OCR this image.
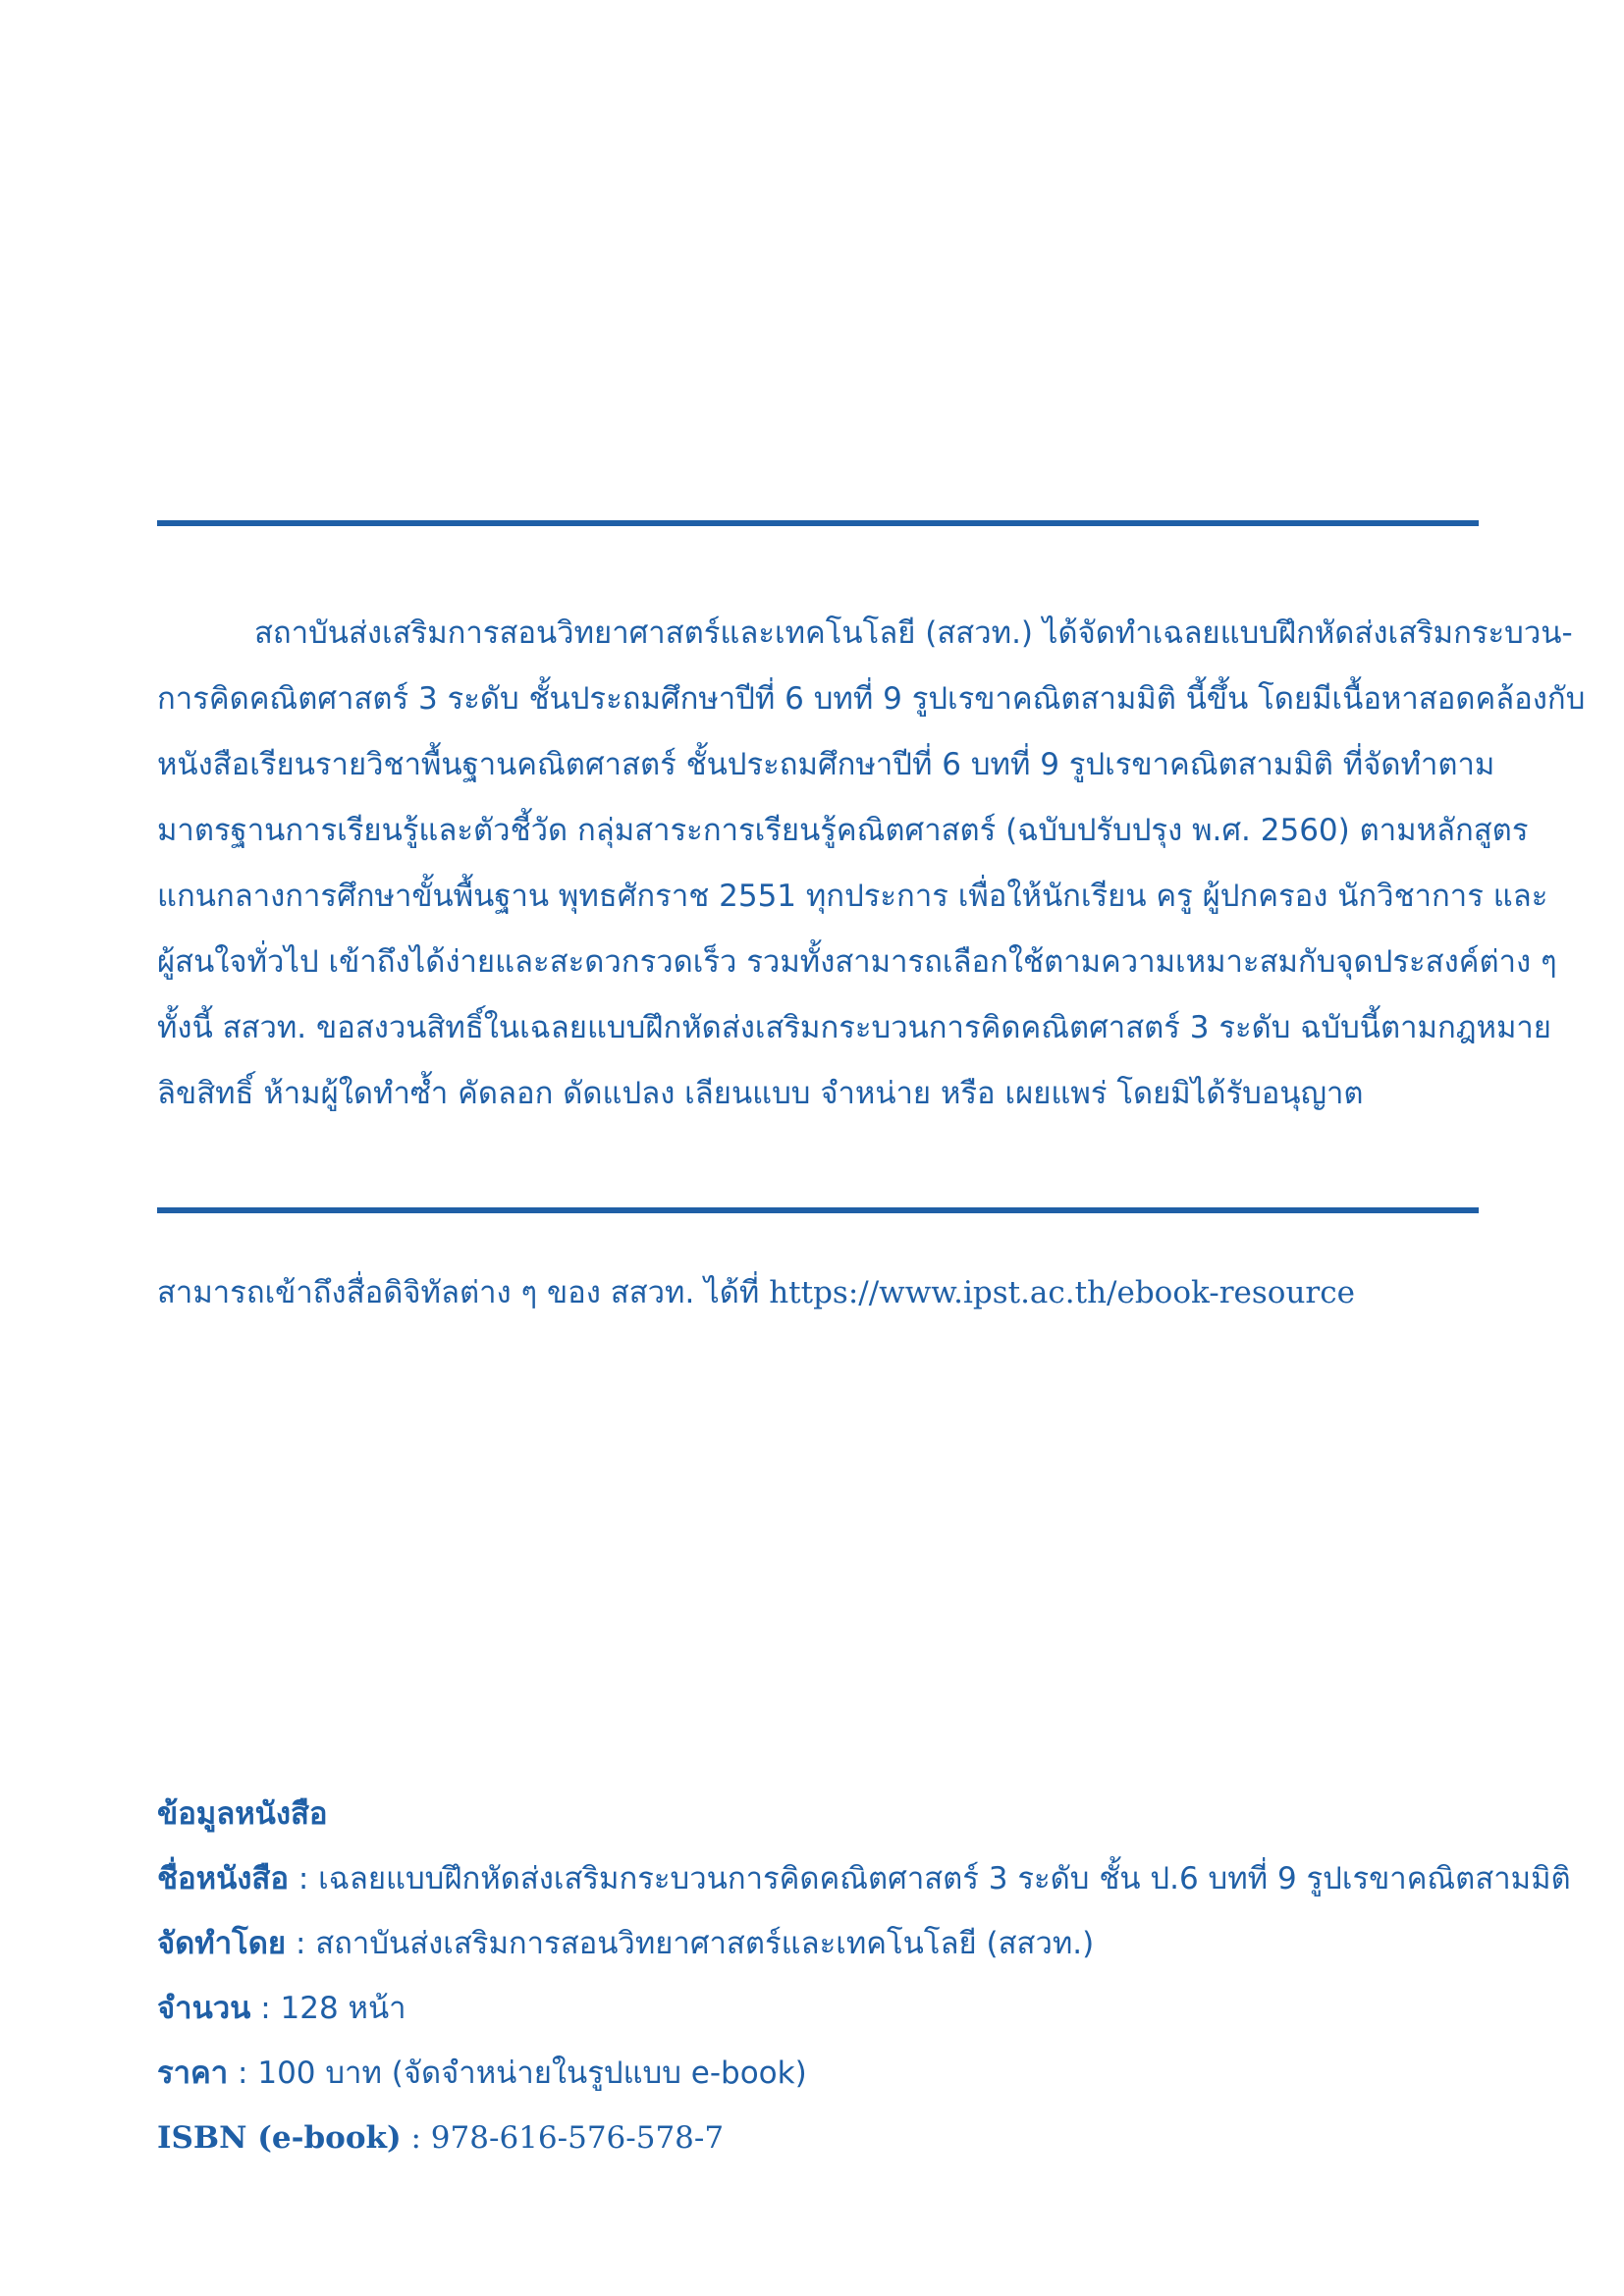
สถาบันส่งเสริมการสอนวิทยาศาสตร์และเทคโนโลยี (สสวท.) ได้จัดทำเฉลยแบบฝึกหัดส่งเสริมกระบวน-
การคิดคณิตศาสตร์ 3 ระดับ ชั้นประถมศึกษาปีที่ 6 บทที่ 9 รูปเรขาคณิตสามมิติ นี้ขึ้น โดยมีเนื้อหาสอดคล้องกับ
หนังสือเรียนรายวิชาพื้นฐานคณิตศาสตร์ ชั้นประถมศึกษาปีที่ 6 บทที่ 9 รูปเรขาคณิตสามมิติ ที่จัดทำตาม
มาตรฐานการเรียนรู้และตัวชี้วัด กลุ่มสาระการเรียนรู้คณิตศาสตร์ (ฉบับปรับปรุง พ.ศ. 2560) ตามหลักสูตร
แกนกลางการศึกษาขั้นพื้นฐาน พุทธศักราช 2551 ทุกประการ เพื่อให้นักเรียน ครู ผู้ปกครอง นักวิชาการ และ
ผู้สนใจทั่วไป เข้าถึงได้ง่ายและสะดวกรวดเร็ว รวมทั้งสามารถเลือกใช้ตามความเหมาะสมกับจุดประสงค์ต่าง ๆ
ทั้งนี้ สสวท. ขอสงวนสิทธิ์ในเฉลยแบบฝึกหัดส่งเสริมกระบวนการคิดคณิตศาสตร์ 3 ระดับ ฉบับนี้ตามกฎหมาย
ลิขสิทธิ์ ห้ามผู้ใดทำซ้ำ คัดลอก ดัดแปลง เลียนแบบ จำหน่าย หรือ เผยแพร่ โดยมิได้รับอนุญาต
สามารถเข้าถึงสื่อดิจิทัลต่าง ๆ ของ สสวท. ได้ที่ https://www.ipst.ac.th/ebook-resource
ข้อมูลหนังสือ
ชื่อหนังสือ : เฉลยแบบฝึกหัดส่งเสริมกระบวนการคิดคณิตศาสตร์ 3 ระดับ ชั้น ป.6 บทที่ 9 รูปเรขาคณิตสามมิติ
จัดทำโดย : สถาบันส่งเสริมการสอนวิทยาศาสตร์และเทคโนโลยี (สสวท.)
จำนวน : 128 หน้า
ราคา : 100 บาท (จัดจำหน่ายในรูปแบบ e-book)
ISBN (e-book) : 978-616-576-578-7
